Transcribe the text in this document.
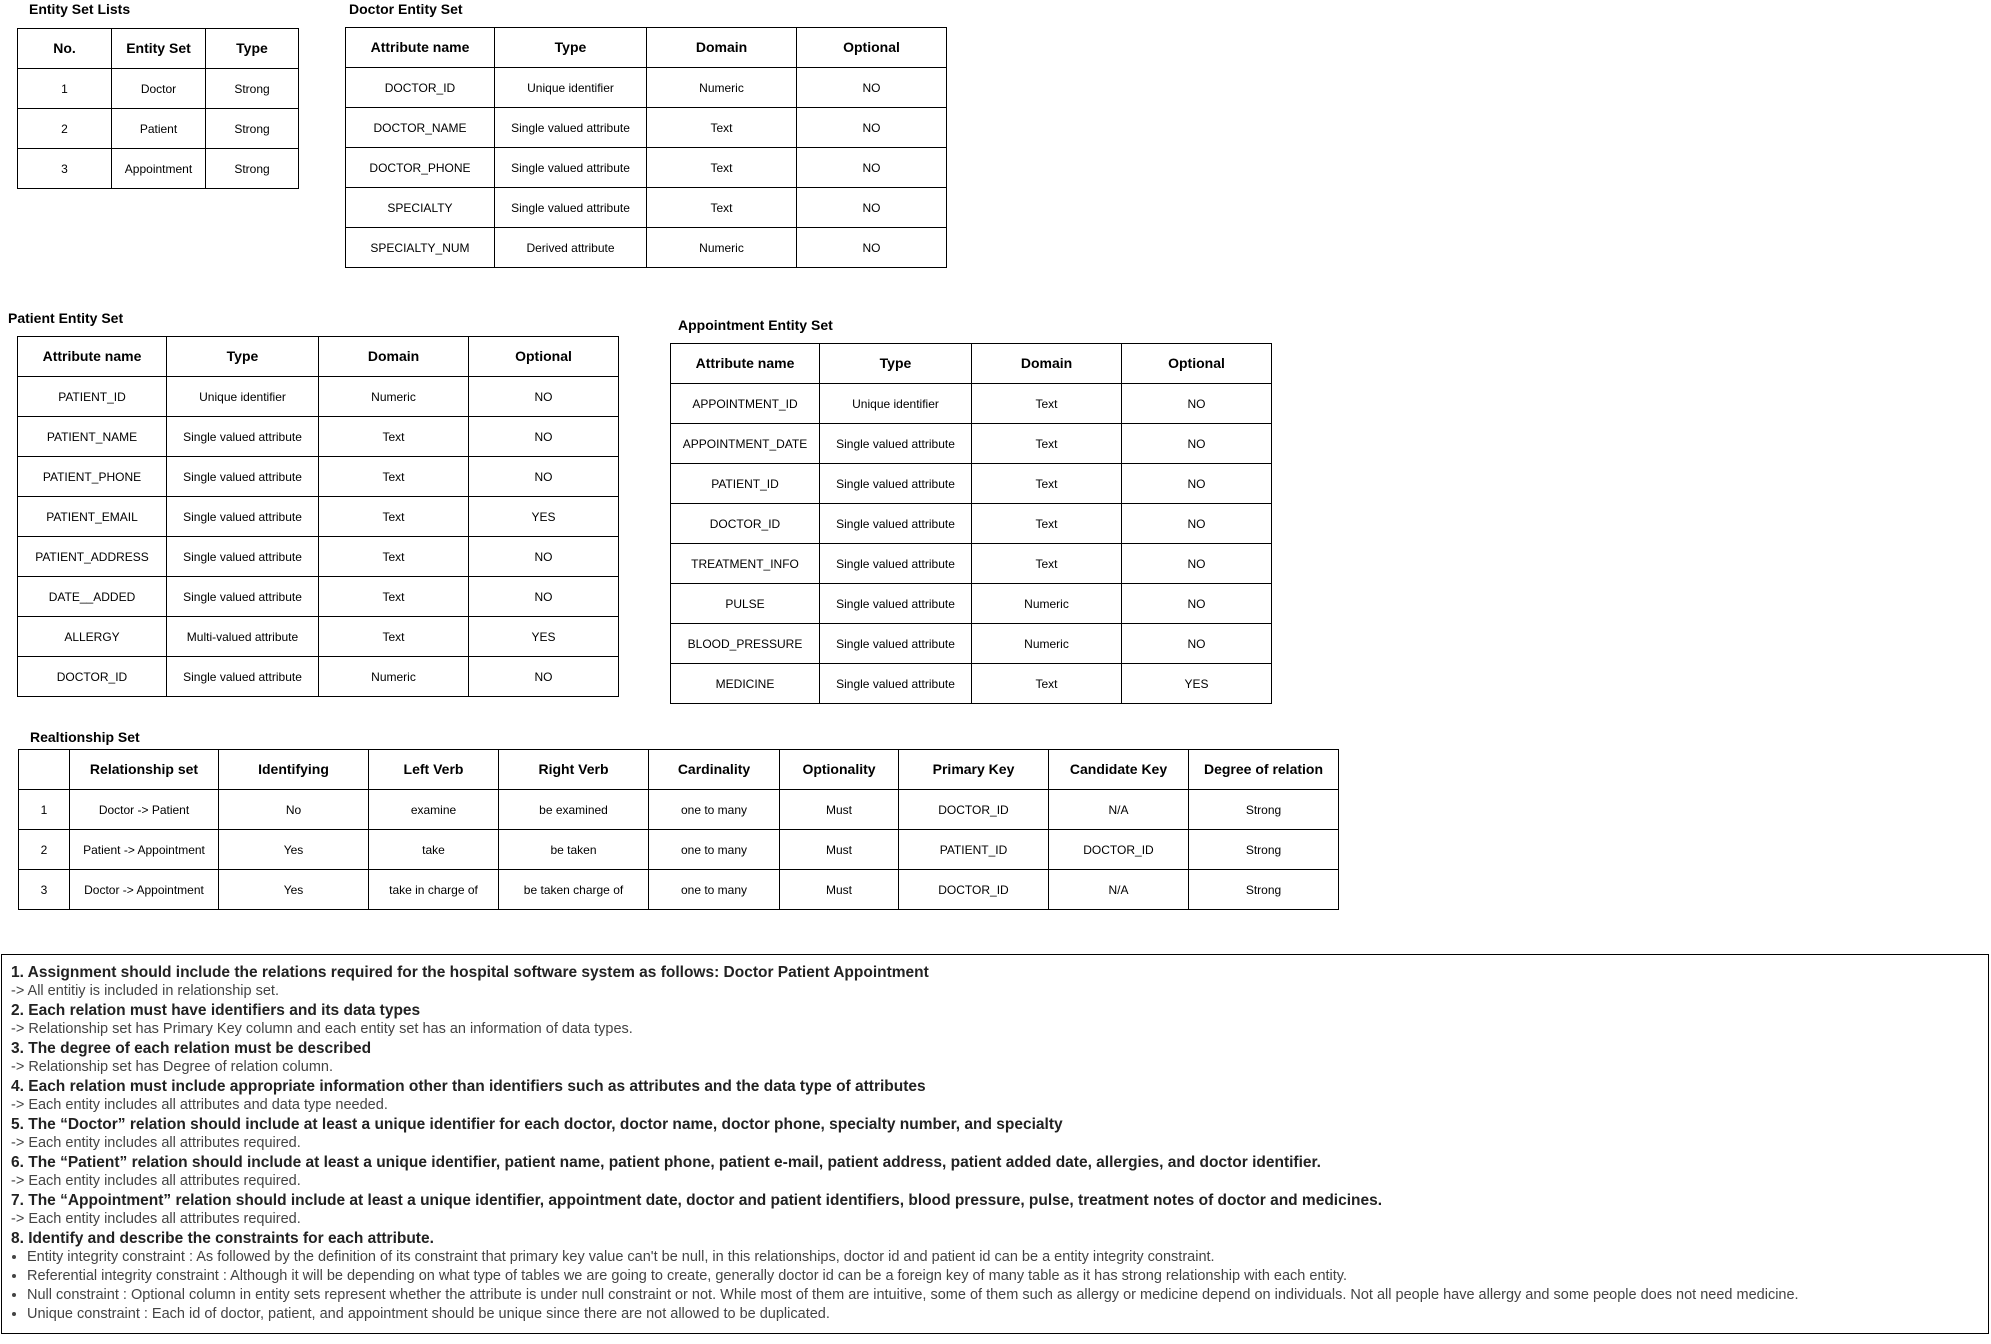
Entity Set Lists
No.	Entity Set	Type
1	Doctor	Strong
2	Patient	Strong
3	Appointment	Strong
Doctor Entity Set
Attribute name	Type	Domain	Optional
DOCTOR_ID	Unique identifier	Numeric	NO
DOCTOR_NAME	Single valued attribute	Text	NO
DOCTOR_PHONE	Single valued attribute	Text	NO
SPECIALTY	Single valued attribute	Text	NO
SPECIALTY_NUM	Derived attribute	Numeric	NO
Patient Entity Set
Attribute name	Type	Domain	Optional
PATIENT_ID	Unique identifier	Numeric	NO
PATIENT_NAME	Single valued attribute	Text	NO
PATIENT_PHONE	Single valued attribute	Text	NO
PATIENT_EMAIL	Single valued attribute	Text	YES
PATIENT_ADDRESS	Single valued attribute	Text	NO
DATE__ADDED	Single valued attribute	Text	NO
ALLERGY	Multi-valued attribute	Text	YES
DOCTOR_ID	Single valued attribute	Numeric	NO
Appointment Entity Set
Attribute name	Type	Domain	Optional
APPOINTMENT_ID	Unique identifier	Text	NO
APPOINTMENT_DATE	Single valued attribute	Text	NO
PATIENT_ID	Single valued attribute	Text	NO
DOCTOR_ID	Single valued attribute	Text	NO
TREATMENT_INFO	Single valued attribute	Text	NO
PULSE	Single valued attribute	Numeric	NO
BLOOD_PRESSURE	Single valued attribute	Numeric	NO
MEDICINE	Single valued attribute	Text	YES
Realtionship Set
	Relationship set	Identifying	Left Verb	Right Verb	Cardinality	Optionality	Primary Key	Candidate Key	Degree of relation
1	Doctor -> Patient	No	examine	be examined	one to many	Must	DOCTOR_ID	N/A	Strong
2	Patient -> Appointment	Yes	take	be taken	one to many	Must	PATIENT_ID	DOCTOR_ID	Strong
3	Doctor -> Appointment	Yes	take in charge of	be taken charge of	one to many	Must	DOCTOR_ID	N/A	Strong
1. Assignment should include the relations required for the hospital software system as follows: Doctor Patient Appointment
-> All entitiy is included in relationship set.
2. Each relation must have identifiers and its data types
-> Relationship set has Primary Key column and each entity set has an information of data types.
3. The degree of each relation must be described
-> Relationship set has Degree of relation column.
4. Each relation must include appropriate information other than identifiers such as attributes and the data type of attributes
-> Each entity includes all attributes and data type needed.
5. The “Doctor” relation should include at least a unique identifier for each doctor, doctor name, doctor phone, specialty number, and specialty
-> Each entity includes all attributes required.
6. The “Patient” relation should include at least a unique identifier, patient name, patient phone, patient e-mail, patient address, patient added date, allergies, and doctor identifier.
-> Each entity includes all attributes required.
7. The “Appointment” relation should include at least a unique identifier, appointment date, doctor and patient identifiers, blood pressure, pulse, treatment notes of doctor and medicines.
-> Each entity includes all attributes required.
8. Identify and describe the constraints for each attribute.
• Entity integrity constraint : As followed by the definition of its constraint that primary key value can't be null, in this relationships, doctor id and patient id can be a entity integrity constraint.
• Referential integrity constraint : Although it will be depending on what type of tables we are going to create, generally doctor id can be a foreign key of many table as it has strong relationship with each entity.
• Null constraint : Optional column in entity sets represent whether the attribute is under null constraint or not. While most of them are intuitive, some of them such as allergy or medicine depend on individuals. Not all people have allergy and some people does not need medicine.
• Unique constraint : Each id of doctor, patient, and appointment should be unique since there are not allowed to be duplicated.
